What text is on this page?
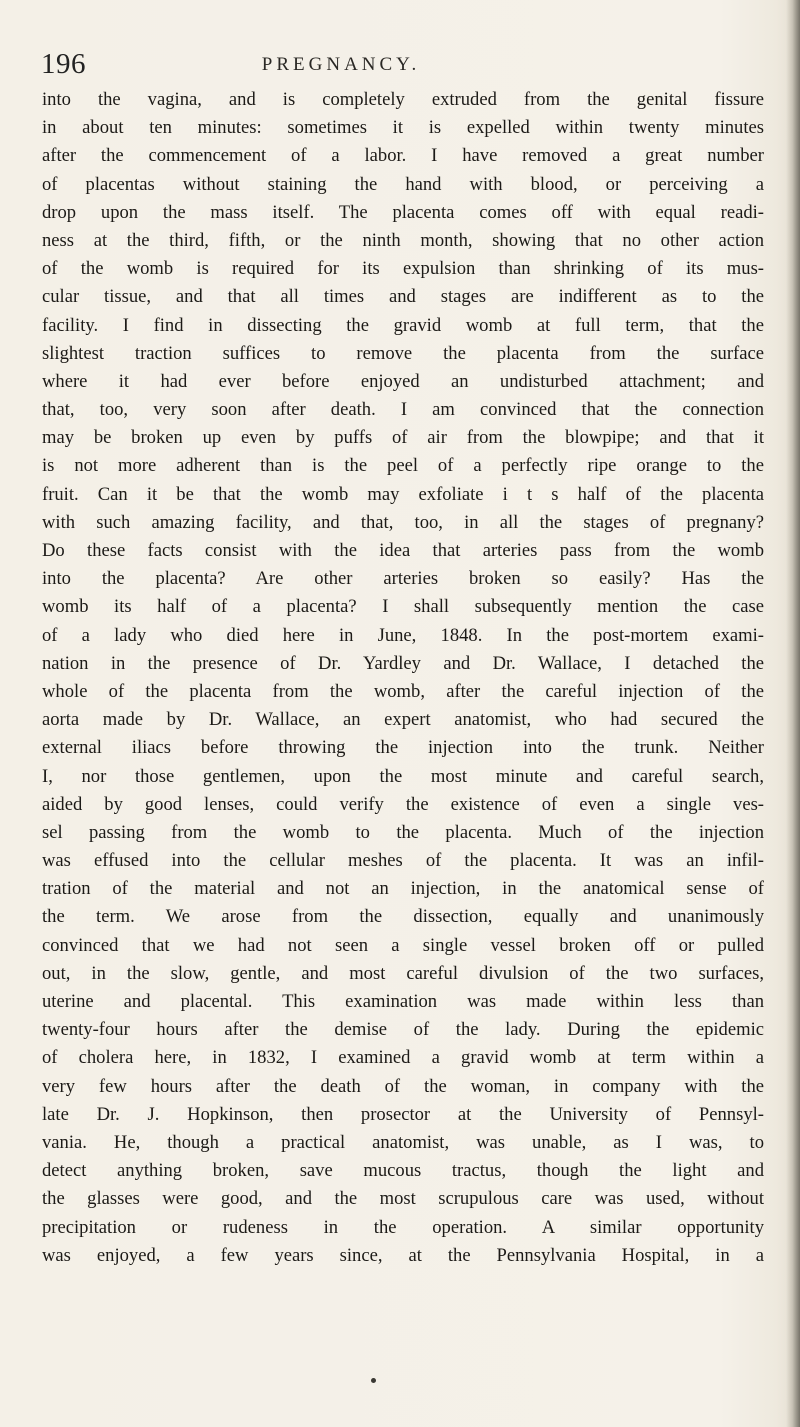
196	PREGNANCY.
into the vagina, and is completely extruded from the genital fissure
in about ten minutes: sometimes it is expelled within twenty minutes
after the commencement of a labor. I have removed a great number
of placentas without staining the hand with blood, or perceiving a
drop upon the mass itself. The placenta comes off with equal readi-
ness at the third, fifth, or the ninth month, showing that no other action
of the womb is required for its expulsion than shrinking of its mus-
cular tissue, and that all times and stages are indifferent as to the
facility. I find in dissecting the gravid womb at full term, that the
slightest traction suffices to remove the placenta from the surface
where it had ever before enjoyed an undisturbed attachment; and
that, too, very soon after death. I am convinced that the connection
may be broken up even by puffs of air from the blowpipe; and that it
is not more adherent than is the peel of a perfectly ripe orange to the
fruit. Can it be that the womb may exfoliate i t s half of the placenta
with such amazing facility, and that, too, in all the stages of pregnany?
Do these facts consist with the idea that arteries pass from the womb
into the placenta? Are other arteries broken so easily? Has the
womb its half of a placenta? I shall subsequently mention the case
of a lady who died here in June, 1848. In the post-mortem exami-
nation in the presence of Dr. Yardley and Dr. Wallace, I detached the
whole of the placenta from the womb, after the careful injection of the
aorta made by Dr. Wallace, an expert anatomist, who had secured the
external iliacs before throwing the injection into the trunk. Neither
I, nor those gentlemen, upon the most minute and careful search,
aided by good lenses, could verify the existence of even a single ves-
sel passing from the womb to the placenta. Much of the injection
was effused into the cellular meshes of the placenta. It was an infil-
tration of the material and not an injection, in the anatomical sense of
the term. We arose from the dissection, equally and unanimously
convinced that we had not seen a single vessel broken off or pulled
out, in the slow, gentle, and most careful divulsion of the two surfaces,
uterine and placental. This examination was made within less than
twenty-four hours after the demise of the lady. During the epidemic
of cholera here, in 1832, I examined a gravid womb at term within a
very few hours after the death of the woman, in company with the
late Dr. J. Hopkinson, then prosector at the University of Pennsyl-
vania. He, though a practical anatomist, was unable, as I was, to
detect anything broken, save mucous tractus, though the light and
the glasses were good, and the most scrupulous care was used, without
precipitation or rudeness in the operation. A similar opportunity
was enjoyed, a few years since, at the Pennsylvania Hospital, in a
